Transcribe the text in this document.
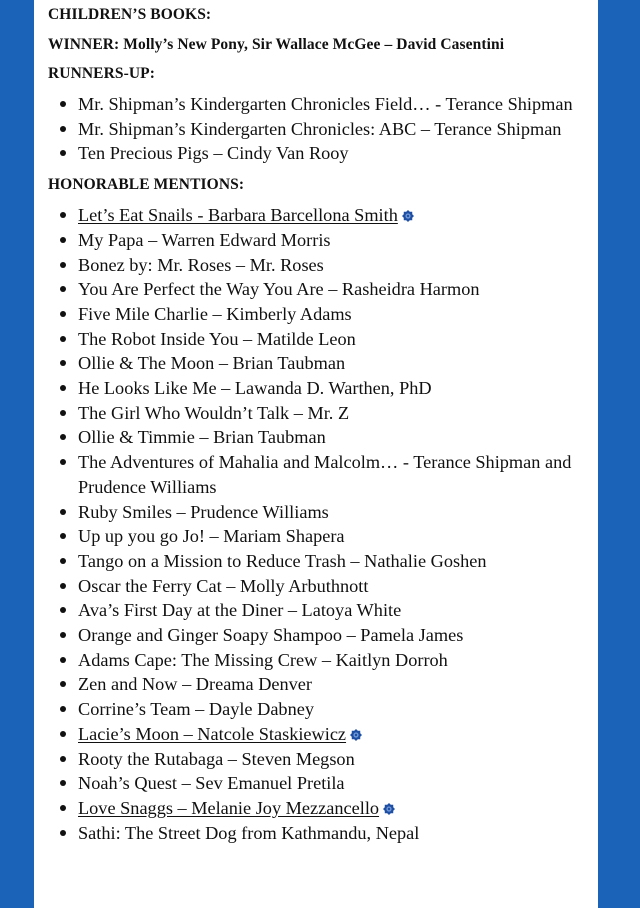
CHILDREN’S BOOKS:

WINNER: Molly’s New Pony, Sir Wallace McGee – David Casentini

RUNNERS-UP:

Mr. Shipman’s Kindergarten Chronicles Field… - Terance Shipman
Mr. Shipman’s Kindergarten Chronicles: ABC – Terance Shipman
Ten Precious Pigs – Cindy Van Rooy

HONORABLE MENTIONS:

Let’s Eat Snails - Barbara Barcellona Smith
My Papa – Warren Edward Morris
Bonez by: Mr. Roses – Mr. Roses
You Are Perfect the Way You Are – Rasheidra Harmon
Five Mile Charlie – Kimberly Adams
The Robot Inside You – Matilde Leon
Ollie & The Moon – Brian Taubman
He Looks Like Me – Lawanda D. Warthen, PhD
The Girl Who Wouldn’t Talk – Mr. Z
Ollie & Timmie – Brian Taubman
The Adventures of Mahalia and Malcolm… - Terance Shipman and Prudence Williams
Ruby Smiles – Prudence Williams
Up up you go Jo! – Mariam Shapera
Tango on a Mission to Reduce Trash – Nathalie Goshen
Oscar the Ferry Cat – Molly Arbuthnott
Ava’s First Day at the Diner – Latoya White
Orange and Ginger Soapy Shampoo – Pamela James
Adams Cape: The Missing Crew – Kaitlyn Dorroh
Zen and Now – Dreama Denver
Corrine’s Team – Dayle Dabney
Lacie’s Moon – Natcole Staskiewicz
Rooty the Rutabaga – Steven Megson
Noah’s Quest – Sev Emanuel Pretila
Love Snaggs – Melanie Joy Mezzancello
Sathi: The Street Dog from Kathmandu, Nepal
